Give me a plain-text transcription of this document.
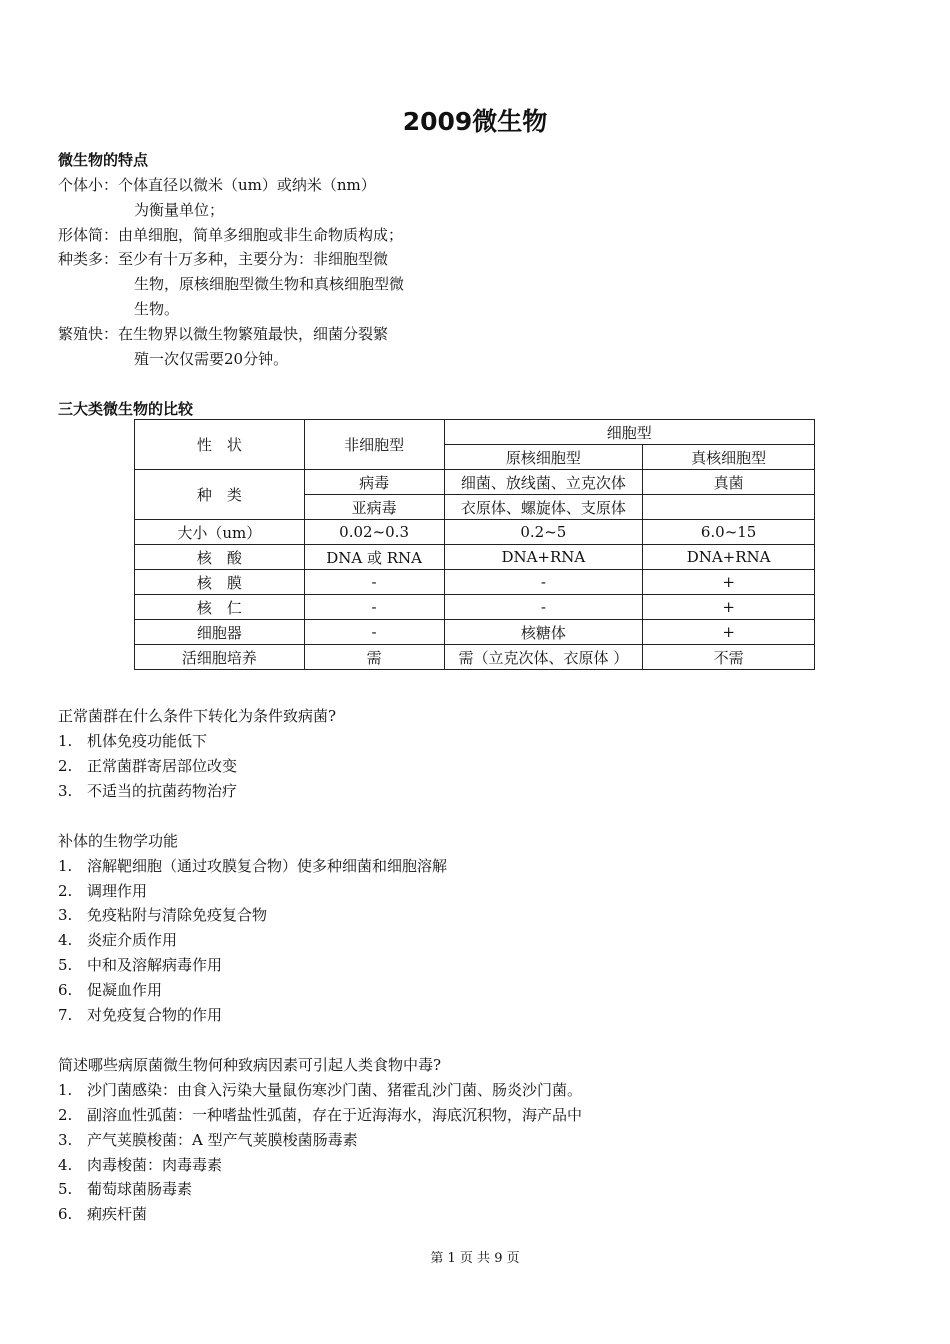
2009微生物
微生物的特点
个体小：个体直径以微米（um）或纳米（nm）
为衡量单位；
形体简：由单细胞，简单多细胞或非生命物质构成；
种类多：至少有十万多种，主要分为：非细胞型微
生物，原核细胞型微生物和真核细胞型微
生物。
繁殖快：在生物界以微生物繁殖最快，细菌分裂繁
殖一次仅需要20分钟。
三大类微生物的比较
性　状	非细胞型	细胞型	
		原核细胞型	真核细胞型
种　类	病毒	细菌、放线菌、立克次体	真菌
	亚病毒	衣原体、螺旋体、支原体	
大小（um）	0.02~0.3	0.2~5	6.0~15
核　酸	DNA 或 RNA	DNA+RNA	DNA+RNA
核　膜	-	-	+
核　仁	-	-	+
细胞器	-	核糖体	+
活细胞培养	需	需（立克次体、衣原体 ）	不需
正常菌群在什么条件下转化为条件致病菌?
1. 机体免疫功能低下
2. 正常菌群寄居部位改变
3. 不适当的抗菌药物治疗
补体的生物学功能
1. 溶解靶细胞（通过攻膜复合物）使多种细菌和细胞溶解
2. 调理作用
3. 免疫粘附与清除免疫复合物
4. 炎症介质作用
5. 中和及溶解病毒作用
6. 促凝血作用
7. 对免疫复合物的作用
简述哪些病原菌微生物何种致病因素可引起人类食物中毒?
1. 沙门菌感染：由食入污染大量鼠伤寒沙门菌、猪霍乱沙门菌、肠炎沙门菌。
2. 副溶血性弧菌：一种嗜盐性弧菌，存在于近海海水，海底沉积物，海产品中
3. 产气荚膜梭菌：A 型产气荚膜梭菌肠毒素
4. 肉毒梭菌：肉毒毒素
5. 葡萄球菌肠毒素
6. 痢疾杆菌
第 1 页 共 9 页
